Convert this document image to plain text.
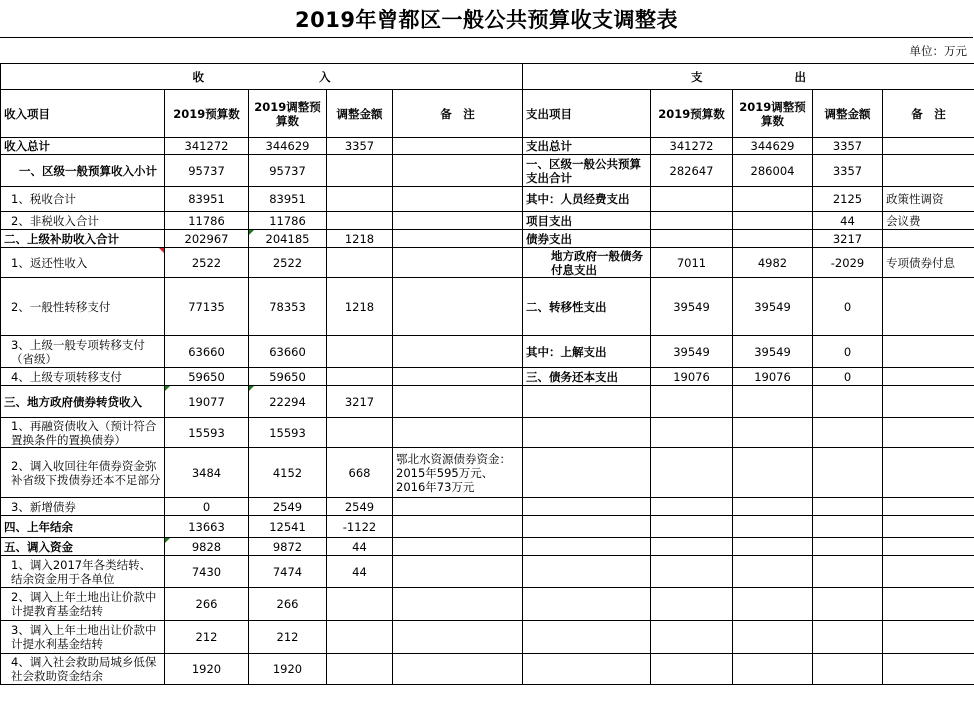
2019年曾都区一般公共预算收支调整表
单位：万元
收　　　　　　　　　　入					支　　　　　　　　出				
收入项目	2019预算数	2019调整预算数	调整金额	备　注	支出项目	2019预算数	2019调整预算数	调整金额	备　注
收入总计	341272	344629	3357		支出总计	341272	344629	3357	
一、区级一般预算收入小计	95737	95737			一、区级一般公共预算支出合计	282647	286004	3357	
1、税收合计	83951	83951			其中：人员经费支出			2125	政策性调资
2、非税收入合计	11786	11786			项目支出			44	会议费
二、上级补助收入合计	202967	204185	1218		债券支出			3217	
1、返还性收入	2522	2522			地方政府一般债务付息支出	7011	4982	-2029	专项债券付息
2、一般性转移支付	77135	78353	1218		二、转移性支出	39549	39549	0	
3、上级一般专项转移支付（省级）	63660	63660			其中：上解支出	39549	39549	0	
4、上级专项转移支付	59650	59650			三、债务还本支出	19076	19076	0	
三、地方政府债券转贷收入	19077	22294	3217						
1、再融资债收入（预计符合置换条件的置换债券）	15593	15593							
2、调入收回往年债券资金弥补省级下拨债券还本不足部分	3484	4152	668	鄂北水资源债券资金：2015年595万元、2016年73万元					
3、新增债券	0	2549	2549						
四、上年结余	13663	12541	-1122						
五、调入资金	9828	9872	44						
1、调入2017年各类结转、结余资金用于各单位	7430	7474	44						
2、调入上年土地出让价款中计提教育基金结转	266	266							
3、调入上年土地出让价款中计提水利基金结转	212	212							
4、调入社会救助局城乡低保社会救助资金结余	1920	1920							
